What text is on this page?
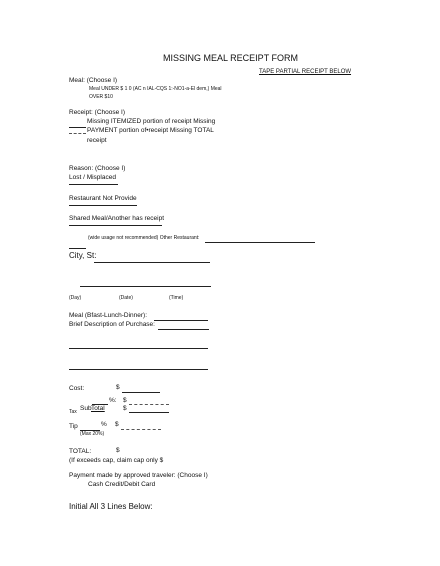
MISSING MEAL RECEIPT FORM
TAPE PARTIAL RECEIPT BELOW
Meal: (Choose I)
Meal UNDER $ 1 0 (AC n IAL-CQS 1:-NO1-a-El dem,) Meal
OVER $10
Receipt: (Choose I)
Missing ITEMIZED portion of receipt Missing
PAYMENT portion of•receipt Missing TOTAL
receipt
Reason: (Choose I)
Lost / Misplaced
Restaurant Not Provide
Shared Meal/Another has receipt
(wide usage not recommended) Other Restaurant:
City, St:
(Day)	(Date)	(Time)
Meal (Bfast-Lunch-Dinner):
Brief Description of Purchase:
Cost:	$
%: $
Tax Sub Total	$
Tip	% $
(Max 20%)
TOTAL:	$
(If exceeds cap, claim cap only $
Payment made by approved traveler: (Choose I)
Cash Credit/Debit Card
Initial All 3 Lines Below:
